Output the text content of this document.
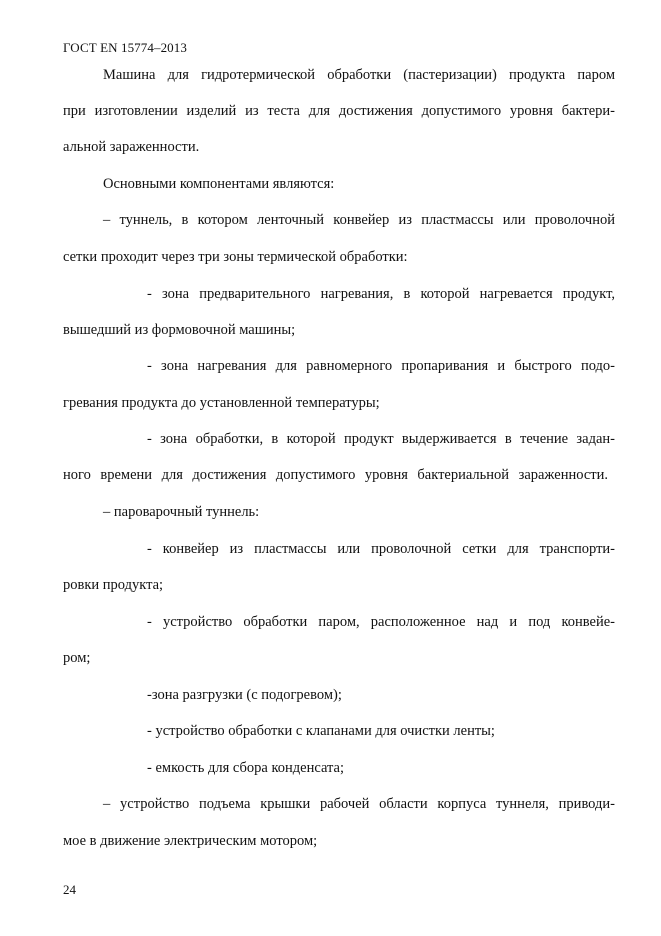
ГОСТ EN 15774–2013
Машина для гидротермической обработки (пастеризации) продукта паром
при изготовлении изделий из теста для достижения допустимого уровня бактери-
альной зараженности.
Основными компонентами являются:
– туннель, в котором ленточный конвейер из пластмассы или проволочной
сетки проходит через три зоны термической обработки:
- зона предварительного нагревания, в которой нагревается продукт,
вышедший из формовочной машины;
- зона нагревания для равномерного пропаривания и быстрого подо-
гревания продукта до установленной температуры;
- зона обработки, в которой продукт выдерживается в течение задан-
ного времени для достижения допустимого уровня бактериальной зараженности.
– пароварочный туннель:
- конвейер из пластмассы или проволочной сетки для транспорти-
ровки продукта;
- устройство обработки паром, расположенное над и под конвейе-
ром;
-зона разгрузки (с подогревом);
- устройство обработки с клапанами для очистки ленты;
- емкость для сбора конденсата;
– устройство подъема крышки рабочей области корпуса туннеля, приводи-
мое в движение электрическим мотором;
24
